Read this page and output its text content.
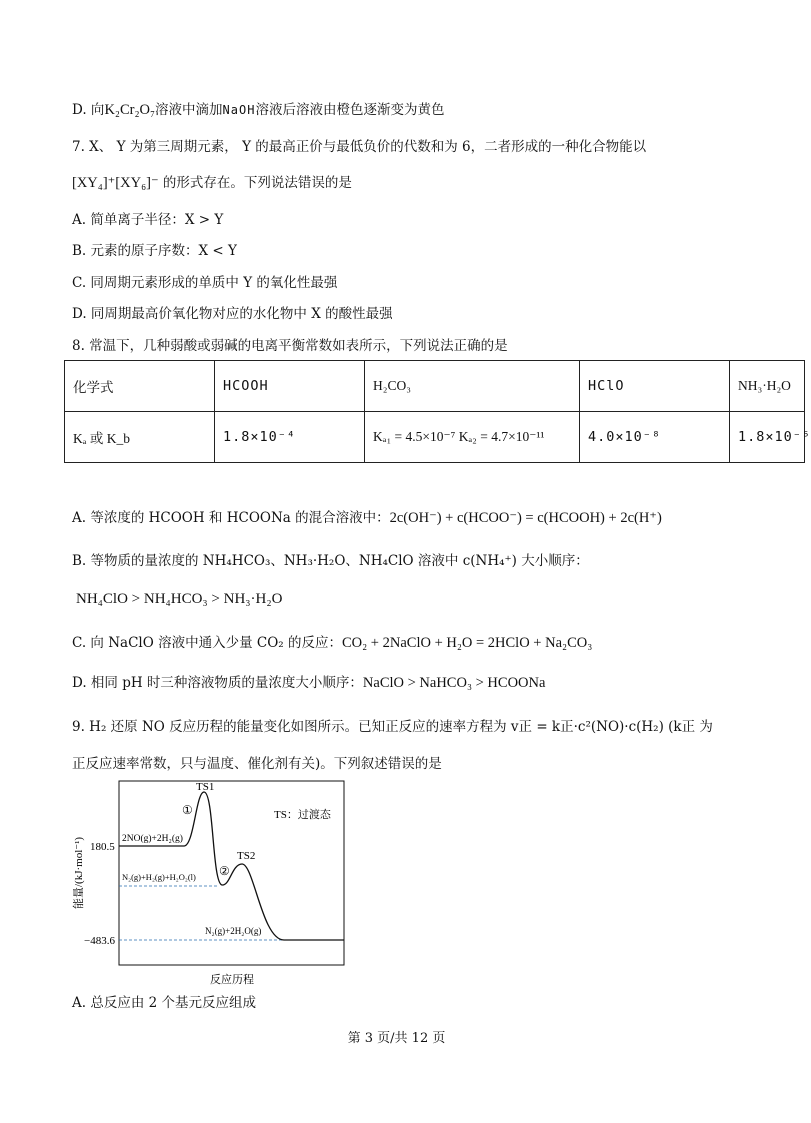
D. 向K₂Cr₂O₇溶液中滴加NaOH溶液后溶液由橙色逐渐变为黄色
7. X、 Y 为第三周期元素， Y 的最高正价与最低负价的代数和为 6，二者形成的一种化合物能以
[XY₄]⁺[XY₆]⁻ 的形式存在。下列说法错误的是
A. 简单离子半径：X > Y
B. 元素的原子序数：X < Y
C. 同周期元素形成的单质中 Y 的氧化性最强
D. 同周期最高价氧化物对应的水化物中 X 的酸性最强
8. 常温下，几种弱酸或弱碱的电离平衡常数如表所示，下列说法正确的是
化学式	HCOOH	H₂CO₃	HClO	NH₃·H₂O
Kₐ 或 K_b	1.8×10⁻⁴	Kₐ₁ = 4.5×10⁻⁷ Kₐ₂ = 4.7×10⁻¹¹	4.0×10⁻⁸	1.8×10⁻⁵
A. 等浓度的 HCOOH 和 HCOONa 的混合溶液中：2c(OH⁻) + c(HCOO⁻) = c(HCOOH) + 2c(H⁺)
B. 等物质的量浓度的 NH₄HCO₃、NH₃·H₂O、NH₄ClO 溶液中 c(NH₄⁺) 大小顺序：
NH₄ClO > NH₄HCO₃ > NH₃·H₂O
C. 向 NaClO 溶液中通入少量 CO₂ 的反应：CO₂ + 2NaClO + H₂O = 2HClO + Na₂CO₃
D. 相同 pH 时三种溶液物质的量浓度大小顺序：NaClO > NaHCO₃ > HCOONa
9. H₂ 还原 NO 反应历程的能量变化如图所示。已知正反应的速率方程为 v正 = k正·c²(NO)·c(H₂) (k正 为
正反应速率常数，只与温度、催化剂有关)。下列叙述错误的是
能量/(kJ·mol⁻¹) 180.5
−483.6
TS1
①
TS2
②
TS：过渡态
2NO(g)+2H₂(g)
N₂(g)+H₂(g)+H₂O₂(l)
N₂(g)+2H₂O(g)
反应历程
A. 总反应由 2 个基元反应组成
第 3 页/共 12 页
